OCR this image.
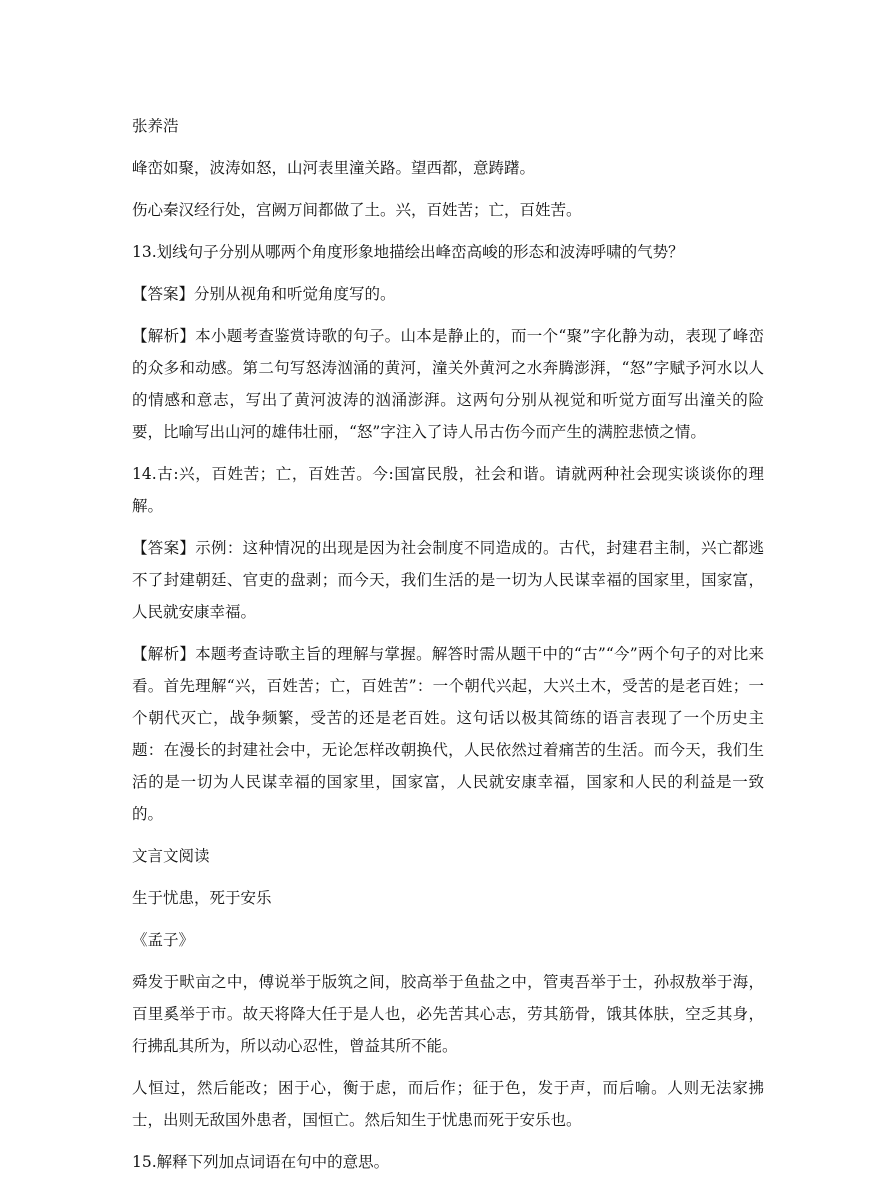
张养浩

峰峦如聚，波涛如怒，山河表里潼关路。望西都，意踌躇。

伤心秦汉经行处，宫阙万间都做了土。兴，百姓苦；亡，百姓苦。

13.划线句子分别从哪两个角度形象地描绘出峰峦高峻的形态和波涛呼啸的气势？

【答案】分别从视角和听觉角度写的。

【解析】本小题考查鉴赏诗歌的句子。山本是静止的，而一个“聚”字化静为动，表现了峰峦的众多和动感。第二句写怒涛汹涌的黄河，潼关外黄河之水奔腾澎湃，“怒”字赋予河水以人的情感和意志，写出了黄河波涛的汹涌澎湃。这两句分别从视觉和听觉方面写出潼关的险要，比喻写出山河的雄伟壮丽，“怒”字注入了诗人吊古伤今而产生的满腔悲愤之情。

14.古:兴，百姓苦；亡，百姓苦。今:国富民殷，社会和谐。请就两种社会现实谈谈你的理解。

【答案】示例：这种情况的出现是因为社会制度不同造成的。古代，封建君主制，兴亡都逃不了封建朝廷、官吏的盘剥；而今天，我们生活的是一切为人民谋幸福的国家里，国家富，人民就安康幸福。

【解析】本题考查诗歌主旨的理解与掌握。解答时需从题干中的“古”“今”两个句子的对比来看。首先理解“兴，百姓苦；亡，百姓苦”：一个朝代兴起，大兴土木，受苦的是老百姓；一个朝代灭亡，战争频繁，受苦的还是老百姓。这句话以极其简练的语言表现了一个历史主题：在漫长的封建社会中，无论怎样改朝换代，人民依然过着痛苦的生活。而今天，我们生活的是一切为人民谋幸福的国家里，国家富，人民就安康幸福，国家和人民的利益是一致的。

文言文阅读

生于忧患，死于安乐

《孟子》

舜发于畎亩之中，傅说举于版筑之间，胶高举于鱼盐之中，管夷吾举于士，孙叔敖举于海，百里奚举于市。故天将降大任于是人也，必先苦其心志，劳其筋骨，饿其体肤，空乏其身，行拂乱其所为，所以动心忍性，曾益其所不能。

人恒过，然后能改；困于心，衡于虑，而后作；征于色，发于声，而后喻。人则无法家拂士，出则无敌国外患者，国恒亡。然后知生于忧患而死于安乐也。

15.解释下列加点词语在句中的意思。
